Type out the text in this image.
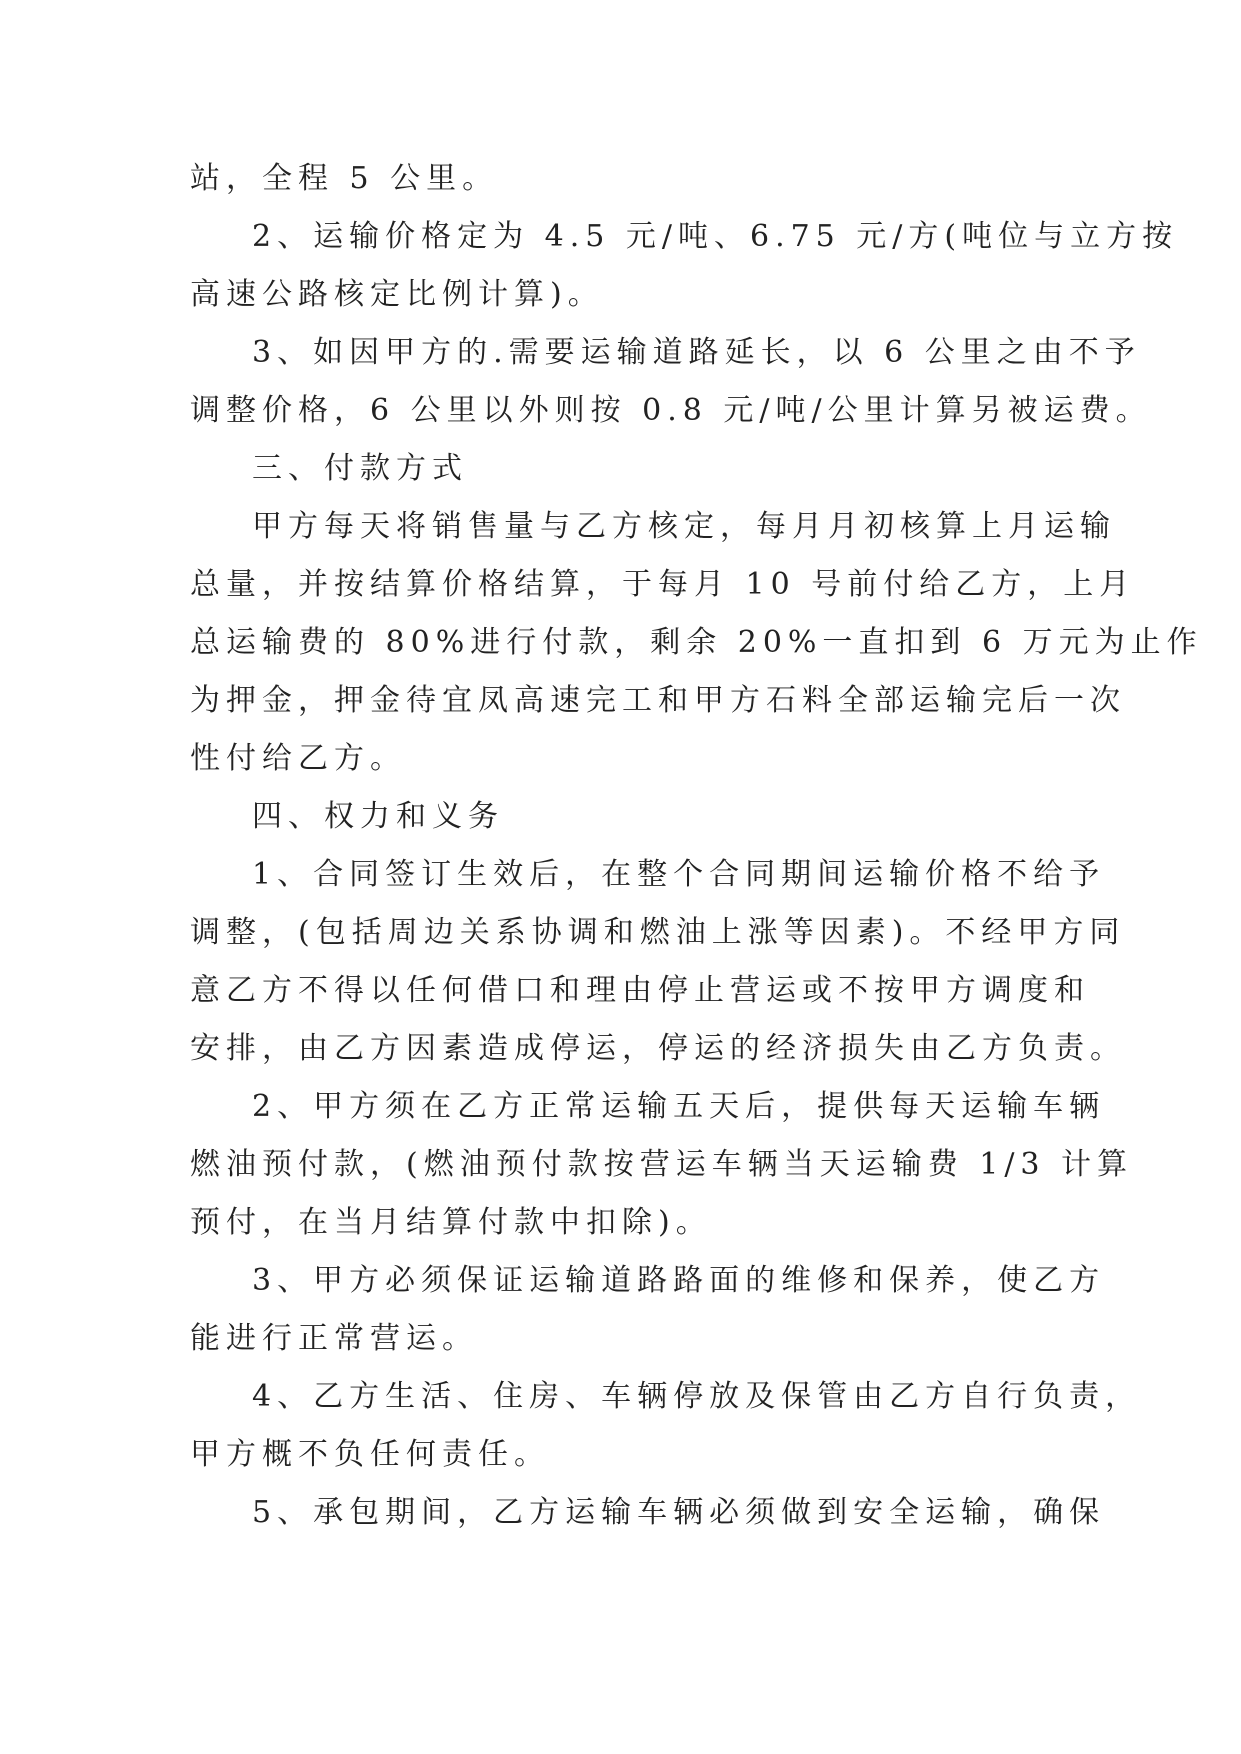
站，全程 5 公里。
2、运输价格定为 4.5 元/吨、6.75 元/方(吨位与立方按
高速公路核定比例计算)。
3、如因甲方的.需要运输道路延长，以 6 公里之由不予
调整价格，6 公里以外则按 0.8 元/吨/公里计算另被运费。
三、付款方式
甲方每天将销售量与乙方核定，每月月初核算上月运输
总量，并按结算价格结算，于每月 10 号前付给乙方，上月
总运输费的 80%进行付款，剩余 20%一直扣到 6 万元为止作
为押金，押金待宜凤高速完工和甲方石料全部运输完后一次
性付给乙方。
四、权力和义务
1、合同签订生效后，在整个合同期间运输价格不给予
调整，(包括周边关系协调和燃油上涨等因素)。不经甲方同
意乙方不得以任何借口和理由停止营运或不按甲方调度和
安排，由乙方因素造成停运，停运的经济损失由乙方负责。
2、甲方须在乙方正常运输五天后，提供每天运输车辆
燃油预付款，(燃油预付款按营运车辆当天运输费 1/3 计算
预付，在当月结算付款中扣除)。
3、甲方必须保证运输道路路面的维修和保养，使乙方
能进行正常营运。
4、乙方生活、住房、车辆停放及保管由乙方自行负责，
甲方概不负任何责任。
5、承包期间，乙方运输车辆必须做到安全运输，确保
